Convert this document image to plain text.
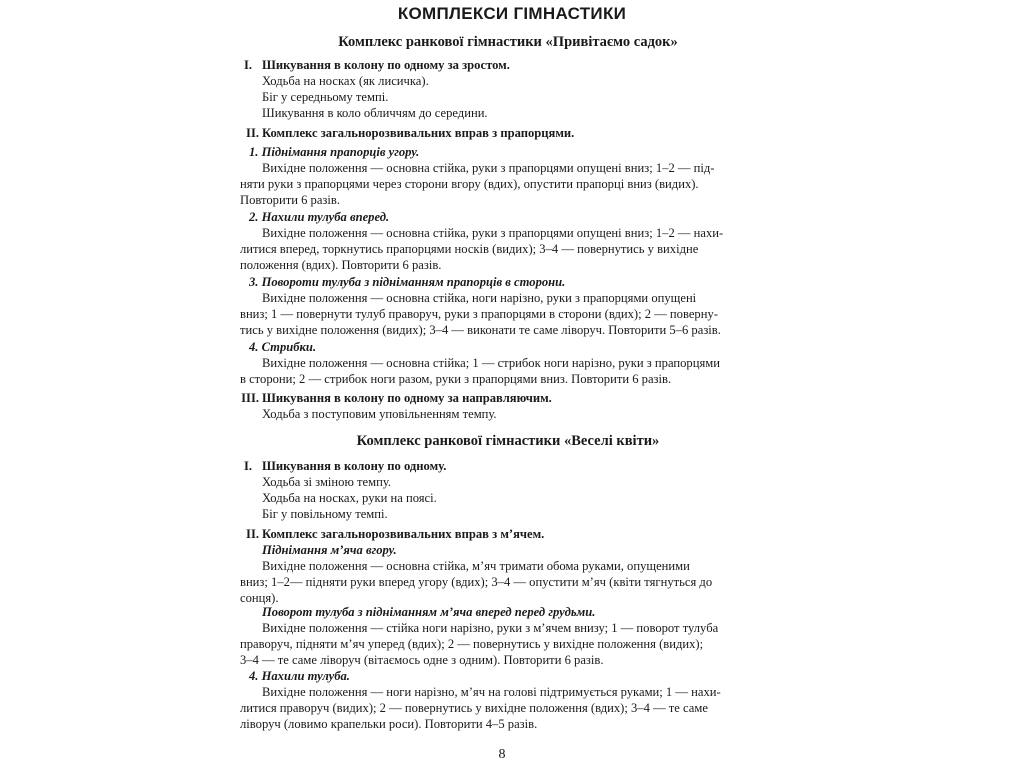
КОМПЛЕКСИ ГІМНАСТИКИ
Комплекс ранкової гімнастики «Привітаємо садок»
I. Шикування в колону по одному за зростом.
Ходьба на носках (як лисичка).
Біг у середньому темпі.
Шикування в коло обличчям до середини.
II. Комплекс загальнорозвивальних вправ з прапорцями.
1. Піднімання прапорців угору.
Вихідне положення — основна стійка, руки з прапорцями опущені вниз; 1–2 — під-
няти руки з прапорцями через сторони вгору (вдих), опустити прапорці вниз (видих).
Повторити 6 разів.
2. Нахили тулуба вперед.
Вихідне положення — основна стійка, руки з прапорцями опущені вниз; 1–2 — нахи-
литися вперед, торкнутись прапорцями носків (видих); 3–4 — повернутись у вихідне
положення (вдих). Повторити 6 разів.
3. Повороти тулуба з підніманням прапорців в сторони.
Вихідне положення — основна стійка, ноги нарізно, руки з прапорцями опущені
вниз; 1 — повернути тулуб праворуч, руки з прапорцями в сторони (вдих); 2 — поверну-
тись у вихідне положення (видих); 3–4 — виконати те саме ліворуч. Повторити 5–6 разів.
4. Стрибки.
Вихідне положення — основна стійка; 1 — стрибок ноги нарізно, руки з прапорцями
в сторони; 2 — стрибок ноги разом, руки з прапорцями вниз. Повторити 6 разів.
III. Шикування в колону по одному за направляючим.
Ходьба з поступовим уповільненням темпу.
Комплекс ранкової гімнастики «Веселі квіти»
I. Шикування в колону по одному.
Ходьба зі зміною темпу.
Ходьба на носках, руки на поясі.
Біг у повільному темпі.
II. Комплекс загальнорозвивальних вправ з м’ячем.
Піднімання м’яча вгору.
Вихідне положення — основна стійка, м’яч тримати обома руками, опущеними
вниз; 1–2— підняти руки вперед угору (вдих); 3–4 — опустити м’яч (квіти тягнуться до
сонця).
Поворот тулуба з підніманням м’яча вперед перед грудьми.
Вихідне положення — стійка ноги нарізно, руки з м’ячем внизу; 1 — поворот тулуба
праворуч, підняти м’яч уперед (вдих); 2 — повернутись у вихідне положення (видих);
3–4 — те саме ліворуч (вітаємось одне з одним). Повторити 6 разів.
4. Нахили тулуба.
Вихідне положення — ноги нарізно, м’яч на голові підтримується руками; 1 — нахи-
литися праворуч (видих); 2 — повернутись у вихідне положення (вдих); 3–4 — те саме
ліворуч (ловимо крапельки роси). Повторити 4–5 разів.
8
